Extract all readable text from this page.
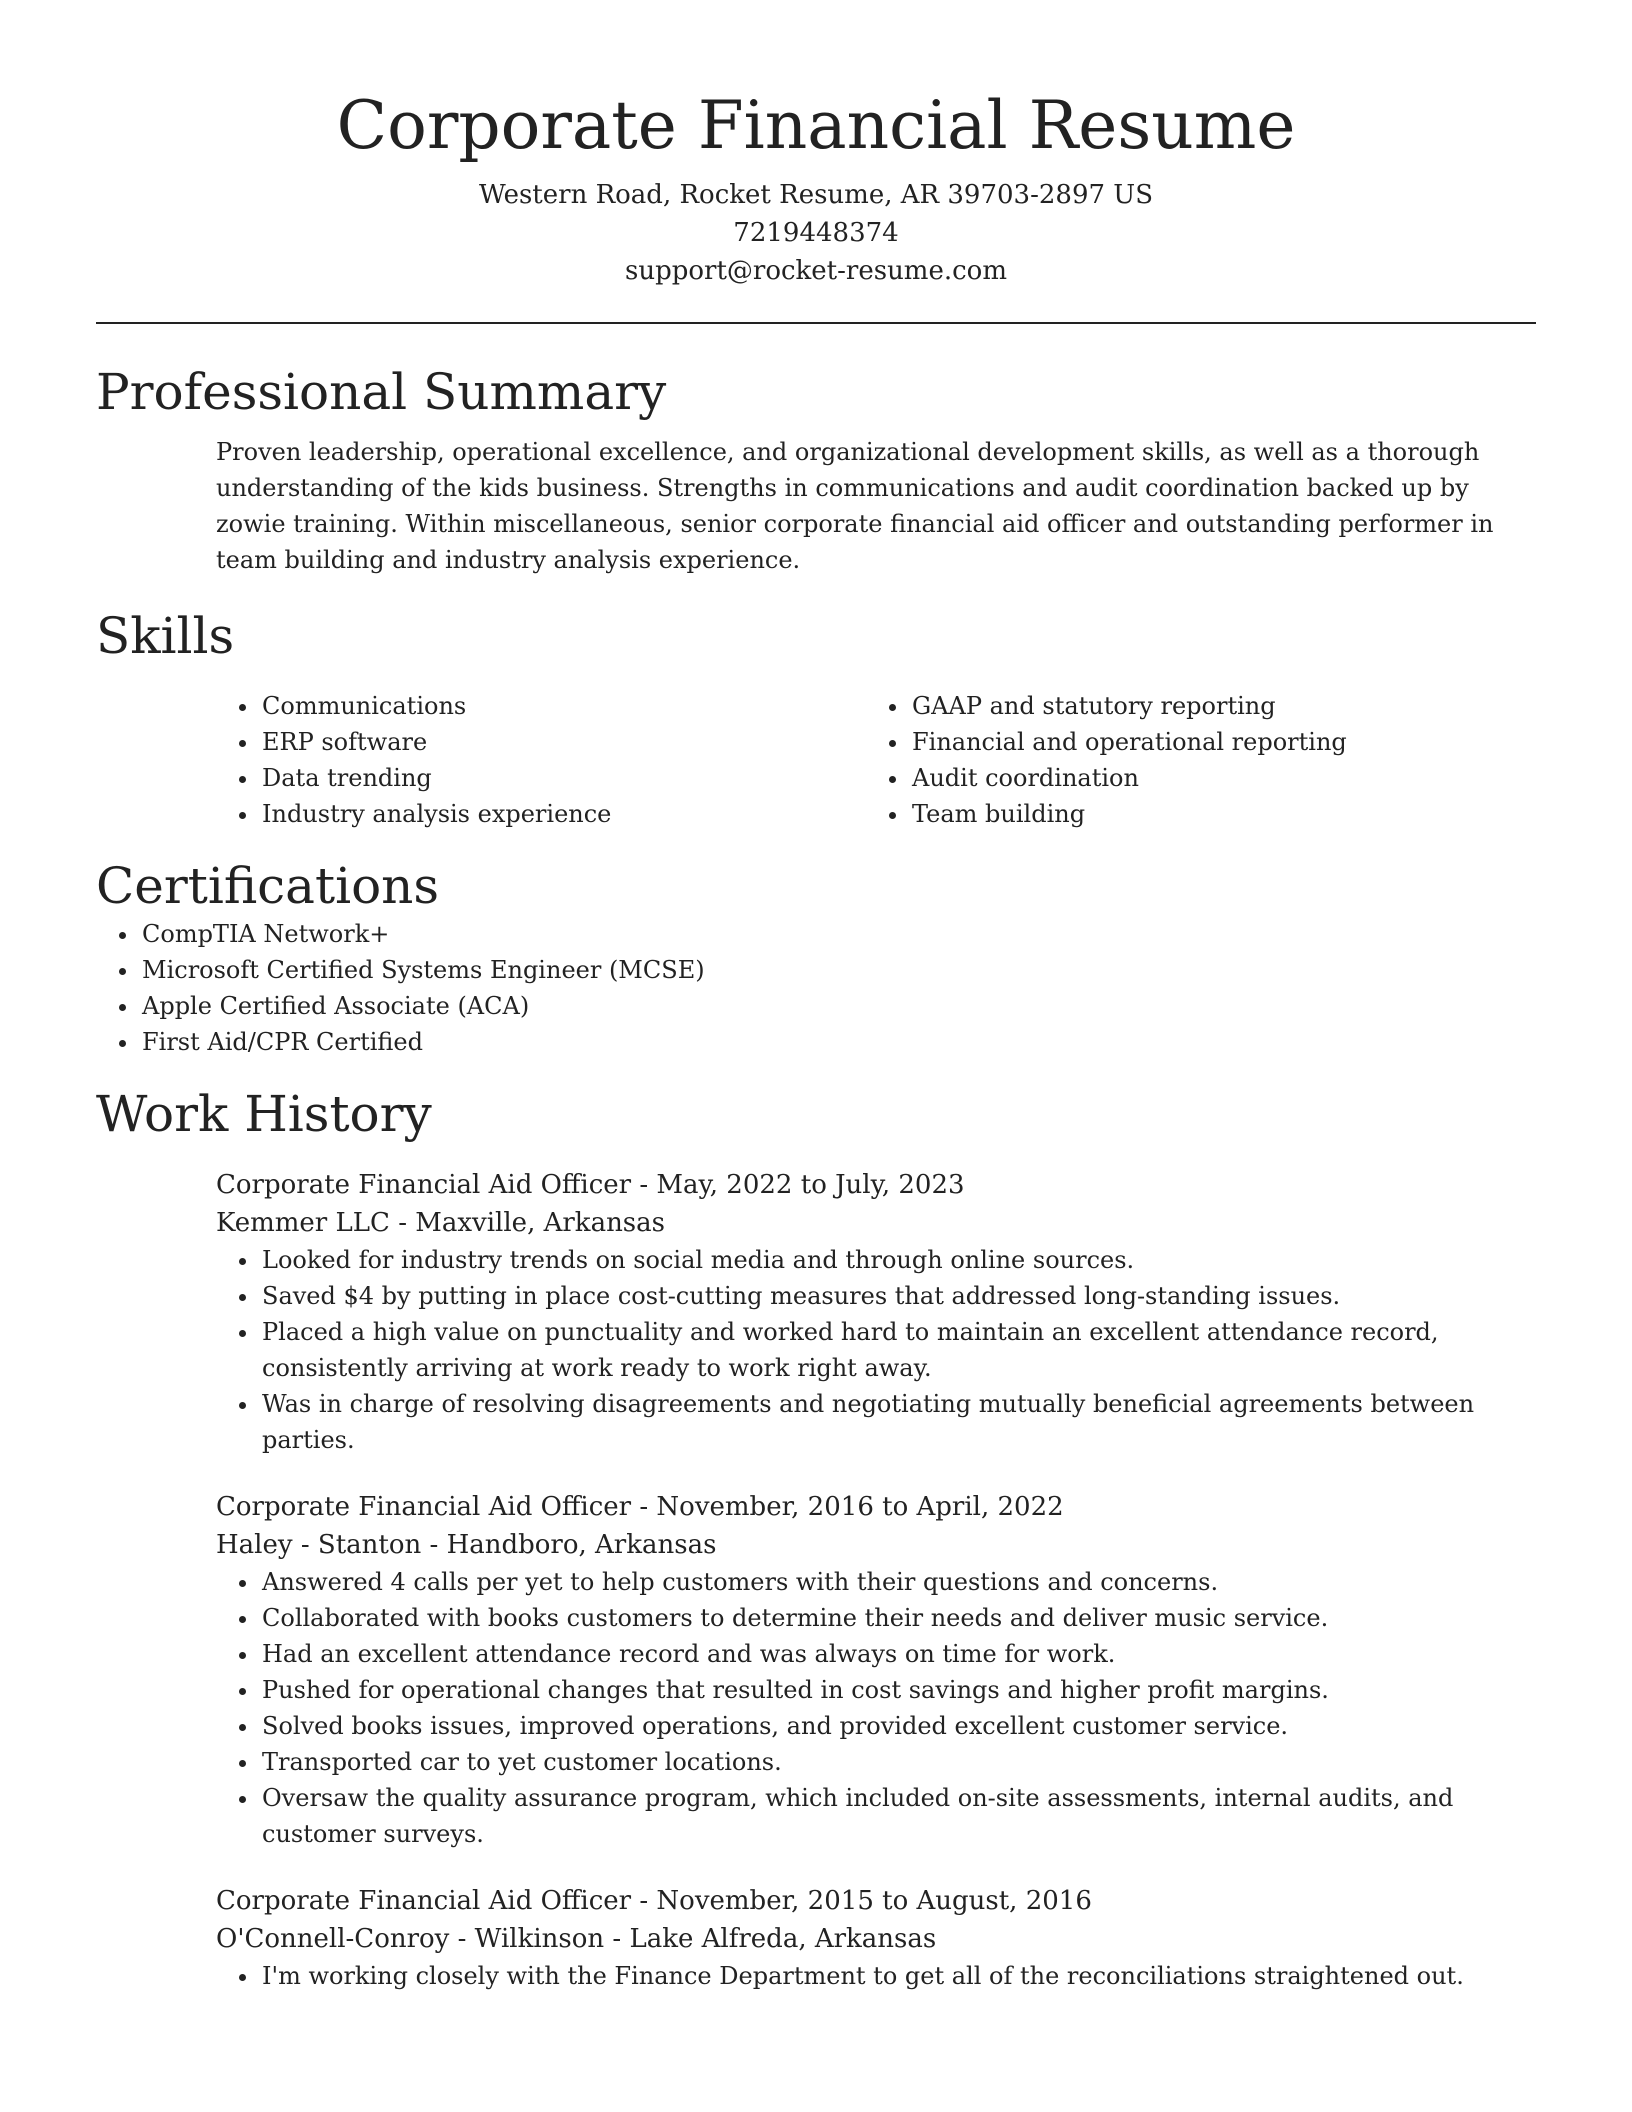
Corporate Financial Resume
Western Road, Rocket Resume, AR 39703-2897 US
7219448374
support@rocket-resume.com
Professional Summary

Proven leadership, operational excellence, and organizational development skills, as well as a thorough understanding of the kids business. Strengths in communications and audit coordination backed up by zowie training. Within miscellaneous, senior corporate financial aid officer and outstanding performer in team building and industry analysis experience.

Skills
• Communications
• ERP software
• Data trending
• Industry analysis experience
• GAAP and statutory reporting
• Financial and operational reporting
• Audit coordination
• Team building
Certifications
• CompTIA Network+
• Microsoft Certified Systems Engineer (MCSE)
• Apple Certified Associate (ACA)
• First Aid/CPR Certified
Work History
Corporate Financial Aid Officer - May, 2022 to July, 2023
Kemmer LLC - Maxville, Arkansas
• Looked for industry trends on social media and through online sources.
• Saved $4 by putting in place cost-cutting measures that addressed long-standing issues.
• Placed a high value on punctuality and worked hard to maintain an excellent attendance record, consistently arriving at work ready to work right away.
• Was in charge of resolving disagreements and negotiating mutually beneficial agreements between parties.
Corporate Financial Aid Officer - November, 2016 to April, 2022
Haley - Stanton - Handboro, Arkansas
• Answered 4 calls per yet to help customers with their questions and concerns.
• Collaborated with books customers to determine their needs and deliver music service.
• Had an excellent attendance record and was always on time for work.
• Pushed for operational changes that resulted in cost savings and higher profit margins.
• Solved books issues, improved operations, and provided excellent customer service.
• Transported car to yet customer locations.
• Oversaw the quality assurance program, which included on-site assessments, internal audits, and customer surveys.
Corporate Financial Aid Officer - November, 2015 to August, 2016
O'Connell-Conroy - Wilkinson - Lake Alfreda, Arkansas
• I'm working closely with the Finance Department to get all of the reconciliations straightened out.
